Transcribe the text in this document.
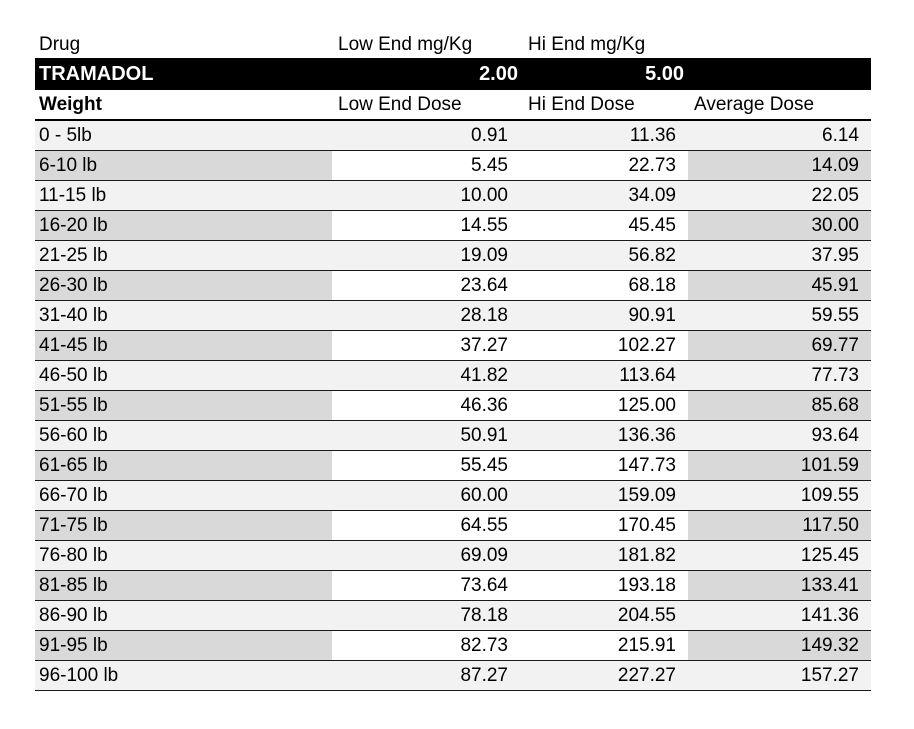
Drug	Low End mg/Kg	Hi End mg/Kg
TRAMADOL	2.00	5.00
Weight	Low End Dose	Hi End Dose	Average Dose
0 - 5lb	0.91	11.36	6.14
6-10 lb	5.45	22.73	14.09
11-15 lb	10.00	34.09	22.05
16-20 lb	14.55	45.45	30.00
21-25 lb	19.09	56.82	37.95
26-30 lb	23.64	68.18	45.91
31-40 lb	28.18	90.91	59.55
41-45 lb	37.27	102.27	69.77
46-50 lb	41.82	113.64	77.73
51-55 lb	46.36	125.00	85.68
56-60 lb	50.91	136.36	93.64
61-65 lb	55.45	147.73	101.59
66-70 lb	60.00	159.09	109.55
71-75 lb	64.55	170.45	117.50
76-80 lb	69.09	181.82	125.45
81-85 lb	73.64	193.18	133.41
86-90 lb	78.18	204.55	141.36
91-95 lb	82.73	215.91	149.32
96-100 lb	87.27	227.27	157.27
